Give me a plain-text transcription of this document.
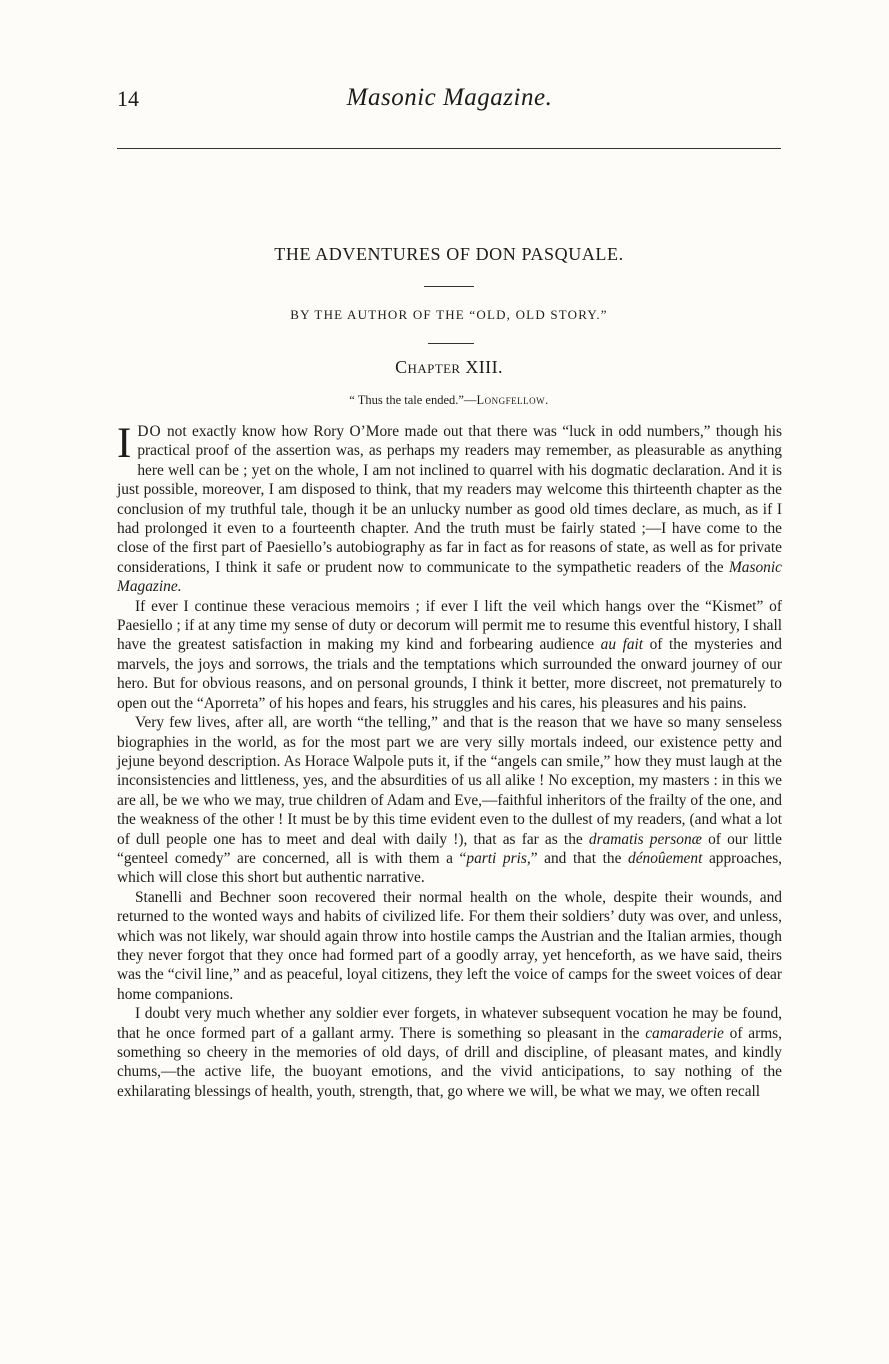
14	Masonic Magazine.
THE ADVENTURES OF DON PASQUALE.
BY THE AUTHOR OF THE “OLD, OLD STORY.”
Chapter XIII.
“ Thus the tale ended.”—Longfellow.

IDO not exactly know how Rory O’More made out that there was “luck in odd numbers,” though his practical proof of the assertion was, as perhaps my readers may remember, as pleasurable as anything here well can be ; yet on the whole, I am not inclined to quarrel with his dogmatic declaration. And it is just possible, moreover, I am disposed to think, that my readers may welcome this thirteenth chapter as the conclusion of my truthful tale, though it be an unlucky number as good old times declare, as much, as if I had prolonged it even to a fourteenth chapter. And the truth must be fairly stated ;—I have come to the close of the first part of Paesiello’s autobiography as far in fact as for reasons of state, as well as for private considerations, I think it safe or prudent now to communicate to the sympathetic readers of the Masonic Magazine.

If ever I continue these veracious memoirs ; if ever I lift the veil which hangs over the “Kismet” of Paesiello ; if at any time my sense of duty or decorum will permit me to resume this eventful history, I shall have the greatest satisfaction in making my kind and forbearing audience au fait of the mysteries and marvels, the joys and sorrows, the trials and the temptations which surrounded the onward journey of our hero. But for obvious reasons, and on personal grounds, I think it better, more discreet, not prematurely to open out the “Aporreta” of his hopes and fears, his struggles and his cares, his pleasures and his pains.

Very few lives, after all, are worth “the telling,” and that is the reason that we have so many senseless biographies in the world, as for the most part we are very silly mortals indeed, our existence petty and jejune beyond description. As Horace Walpole puts it, if the “angels can smile,” how they must laugh at the inconsistencies and littleness, yes, and the absurdities of us all alike ! No exception, my masters : in this we are all, be we who we may, true children of Adam and Eve,—faithful inheritors of the frailty of the one, and the weakness of the other ! It must be by this time evident even to the dullest of my readers, (and what a lot of dull people one has to meet and deal with daily !), that as far as the dramatis personæ of our little “genteel comedy” are concerned, all is with them a “parti pris,” and that the dénoûement approaches, which will close this short but authentic narrative.

Stanelli and Bechner soon recovered their normal health on the whole, despite their wounds, and returned to the wonted ways and habits of civilized life. For them their soldiers’ duty was over, and unless, which was not likely, war should again throw into hostile camps the Austrian and the Italian armies, though they never forgot that they once had formed part of a goodly array, yet henceforth, as we have said, theirs was the “civil line,” and as peaceful, loyal citizens, they left the voice of camps for the sweet voices of dear home companions.

I doubt very much whether any soldier ever forgets, in whatever subsequent vocation he may be found, that he once formed part of a gallant army. There is something so pleasant in the camaraderie of arms, something so cheery in the memories of old days, of drill and discipline, of pleasant mates, and kindly chums,—the active life, the buoyant emotions, and the vivid anticipations, to say nothing of the exhilarating blessings of health, youth, strength, that, go where we will, be what we may, we often recall
